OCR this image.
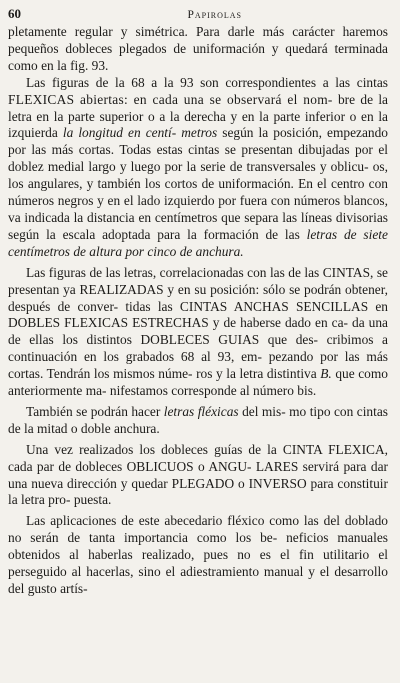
60	Papirolas

pletamente regular y simétrica. Para darle más carácter haremos pequeños dobleces plegados de uniformación y quedará terminada como en la fig. 93.

Las figuras de la 68 a la 93 son correspondientes a las cintas FLEXICAS abiertas: en cada una se observará el nom- bre de la letra en la parte superior o a la derecha y en la parte inferior o en la izquierda la longitud en centí- metros según la posición, empezando por las más cortas. Todas estas cintas se presentan dibujadas por el doblez medial largo y luego por la serie de transversales y oblicu- os, los angulares, y también los cortos de uniformación. En el centro con números negros y en el lado izquierdo por fuera con números blancos, va indicada la distancia en centímetros que separa las líneas divisorias según la escala adoptada para la formación de las letras de siete centímetros de altura por cinco de anchura.

Las figuras de las letras, correlacionadas con las de las CINTAS, se presentan ya REALIZADAS y en su posición: sólo se podrán obtener, después de conver- tidas las CINTAS ANCHAS SENCILLAS en DOBLES FLEXICAS ESTRECHAS y de haberse dado en ca- da una de ellas los distintos DOBLECES GUIAS que des- cribimos a continuación en los grabados 68 al 93, em- pezando por las más cortas. Tendrán los mismos núme- ros y la letra distintiva B. que como anteriormente ma- nifestamos corresponde al número bis.

También se podrán hacer letras fléxicas del mis- mo tipo con cintas de la mitad o doble anchura.

Una vez realizados los dobleces guías de la CINTA FLEXICA, cada par de dobleces OBLICUOS o ANGU- LARES servirá para dar una nueva dirección y quedar PLEGADO o INVERSO para constituir la letra pro- puesta.

Las aplicaciones de este abecedario fléxico como las del doblado no serán de tanta importancia como los be- neficios manuales obtenidos al haberlas realizado, pues no es el fin utilitario el perseguido al hacerlas, sino el adiestramiento manual y el desarrollo del gusto artís-
